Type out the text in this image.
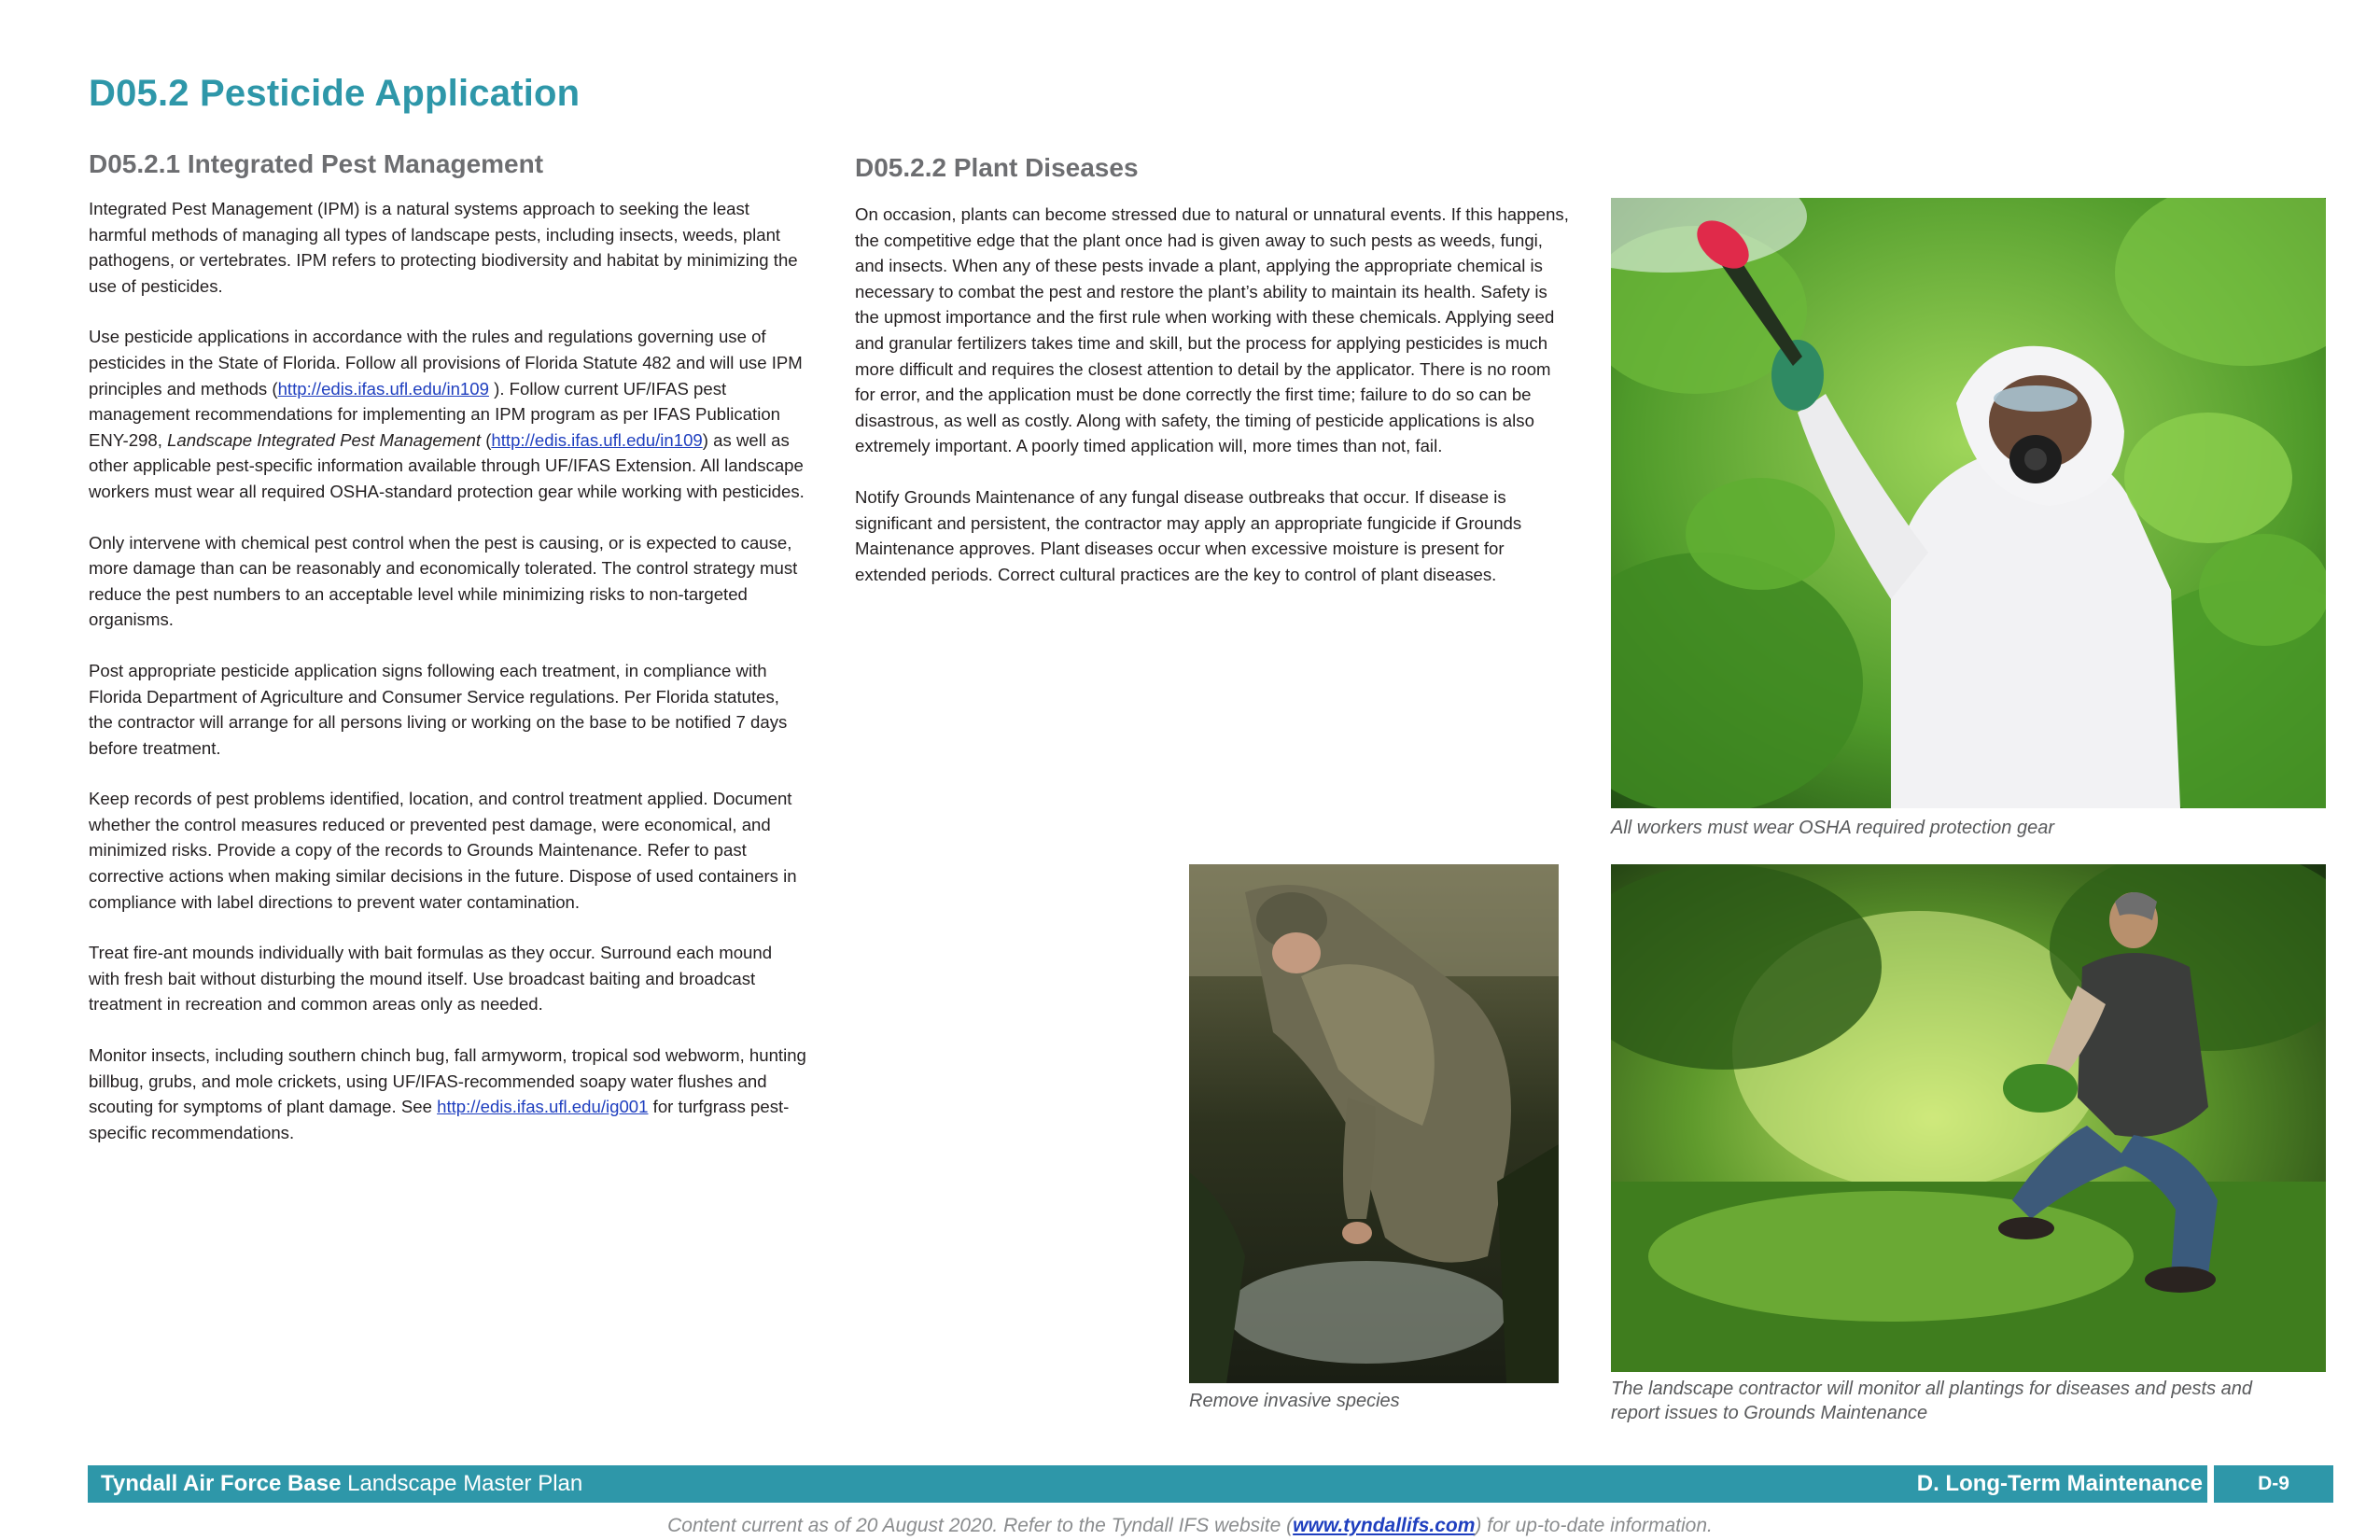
D05.2 Pesticide Application
D05.2.1 Integrated Pest Management

Integrated Pest Management (IPM) is a natural systems approach to seeking the least harmful methods of managing all types of landscape pests, including insects, weeds, plant pathogens, or vertebrates. IPM refers to protecting biodiversity and habitat by minimizing the use of pesticides.

Use pesticide applications in accordance with the rules and regulations governing use of pesticides in the State of Florida. Follow all provisions of Florida Statute 482 and will use IPM principles and methods (http://edis.ifas.ufl.edu/in109 ). Follow current UF/IFAS pest management recommendations for implementing an IPM program as per IFAS Publication ENY-298, Landscape Integrated Pest Management (http://edis.ifas.ufl.edu/in109) as well as other applicable pest-specific information available through UF/IFAS Extension. All landscape workers must wear all required OSHA-standard protection gear while working with pesticides.

Only intervene with chemical pest control when the pest is causing, or is expected to cause, more damage than can be reasonably and economically tolerated. The control strategy must reduce the pest numbers to an acceptable level while minimizing risks to non-targeted organisms.

Post appropriate pesticide application signs following each treatment, in compliance with Florida Department of Agriculture and Consumer Service regulations. Per Florida statutes, the contractor will arrange for all persons living or working on the base to be notified 7 days before treatment.

Keep records of pest problems identified, location, and control treatment applied. Document whether the control measures reduced or prevented pest damage, were economical, and minimized risks. Provide a copy of the records to Grounds Maintenance. Refer to past corrective actions when making similar decisions in the future. Dispose of used containers in compliance with label directions to prevent water contamination.

Treat fire-ant mounds individually with bait formulas as they occur. Surround each mound with fresh bait without disturbing the mound itself. Use broadcast baiting and broadcast treatment in recreation and common areas only as needed.

Monitor insects, including southern chinch bug, fall armyworm, tropical sod webworm, hunting billbug, grubs, and mole crickets, using UF/IFAS-recommended soapy water flushes and scouting for symptoms of plant damage. See http://edis.ifas.ufl.edu/ig001 for turfgrass pest-specific recommendations.

D05.2.2 Plant Diseases

On occasion, plants can become stressed due to natural or unnatural events. If this happens, the competitive edge that the plant once had is given away to such pests as weeds, fungi, and insects. When any of these pests invade a plant, applying the appropriate chemical is necessary to combat the pest and restore the plant’s ability to maintain its health. Safety is the upmost importance and the first rule when working with these chemicals. Applying seed and granular fertilizers takes time and skill, but the process for applying pesticides is much more difficult and requires the closest attention to detail by the applicator. There is no room for error, and the application must be done correctly the first time; failure to do so can be disastrous, as well as costly. Along with safety, the timing of pesticide applications is also extremely important. A poorly timed application will, more times than not, fail.

Notify Grounds Maintenance of any fungal disease outbreaks that occur. If disease is significant and persistent, the contractor may apply an appropriate fungicide if Grounds Maintenance approves. Plant diseases occur when excessive moisture is present for extended periods. Correct cultural practices are the key to control of plant diseases.

All workers must wear OSHA required protection gear
Remove invasive species
The landscape contractor will monitor all plantings for diseases and pests and report issues to Grounds Maintenance
Tyndall Air Force Base Landscape Master Plan	D. Long-Term Maintenance	D-9
Content current as of 20 August 2020. Refer to the Tyndall IFS website (www.tyndallifs.com) for up-to-date information.
